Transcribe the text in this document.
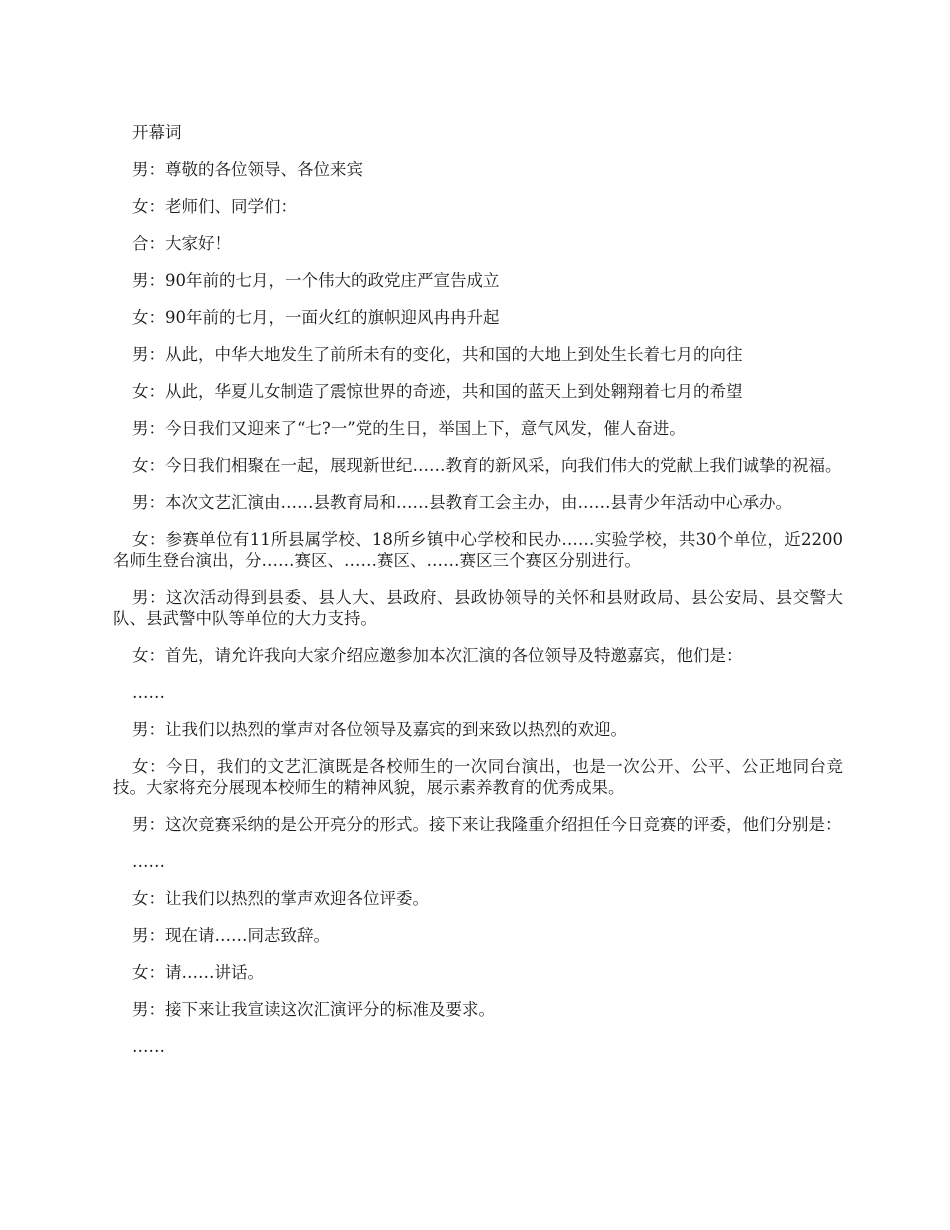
开幕词

男：尊敬的各位领导、各位来宾

女：老师们、同学们：

合：大家好！

男：90年前的七月，一个伟大的政党庄严宣告成立

女：90年前的七月，一面火红的旗帜迎风冉冉升起

男：从此，中华大地发生了前所未有的变化，共和国的大地上到处生长着七月的向往

女：从此，华夏儿女制造了震惊世界的奇迹，共和国的蓝天上到处翱翔着七月的希望

男：今日我们又迎来了“七?一”党的生日，举国上下，意气风发，催人奋进。

女：今日我们相聚在一起，展现新世纪……教育的新风采，向我们伟大的党献上我们诚挚的祝福。

男：本次文艺汇演由……县教育局和……县教育工会主办，由……县青少年活动中心承办。

女：参赛单位有11所县属学校、18所乡镇中心学校和民办……实验学校，共30个单位，近2200名师生登台演出，分……赛区、……赛区、……赛区三个赛区分别进行。

男：这次活动得到县委、县人大、县政府、县政协领导的关怀和县财政局、县公安局、县交警大队、县武警中队等单位的大力支持。

女：首先，请允许我向大家介绍应邀参加本次汇演的各位领导及特邀嘉宾，他们是：

……

男：让我们以热烈的掌声对各位领导及嘉宾的到来致以热烈的欢迎。

女：今日，我们的文艺汇演既是各校师生的一次同台演出，也是一次公开、公平、公正地同台竞技。大家将充分展现本校师生的精神风貌，展示素养教育的优秀成果。

男：这次竞赛采纳的是公开亮分的形式。接下来让我隆重介绍担任今日竞赛的评委，他们分别是：

……

女：让我们以热烈的掌声欢迎各位评委。

男：现在请……同志致辞。

女：请……讲话。

男：接下来让我宣读这次汇演评分的标准及要求。

……
